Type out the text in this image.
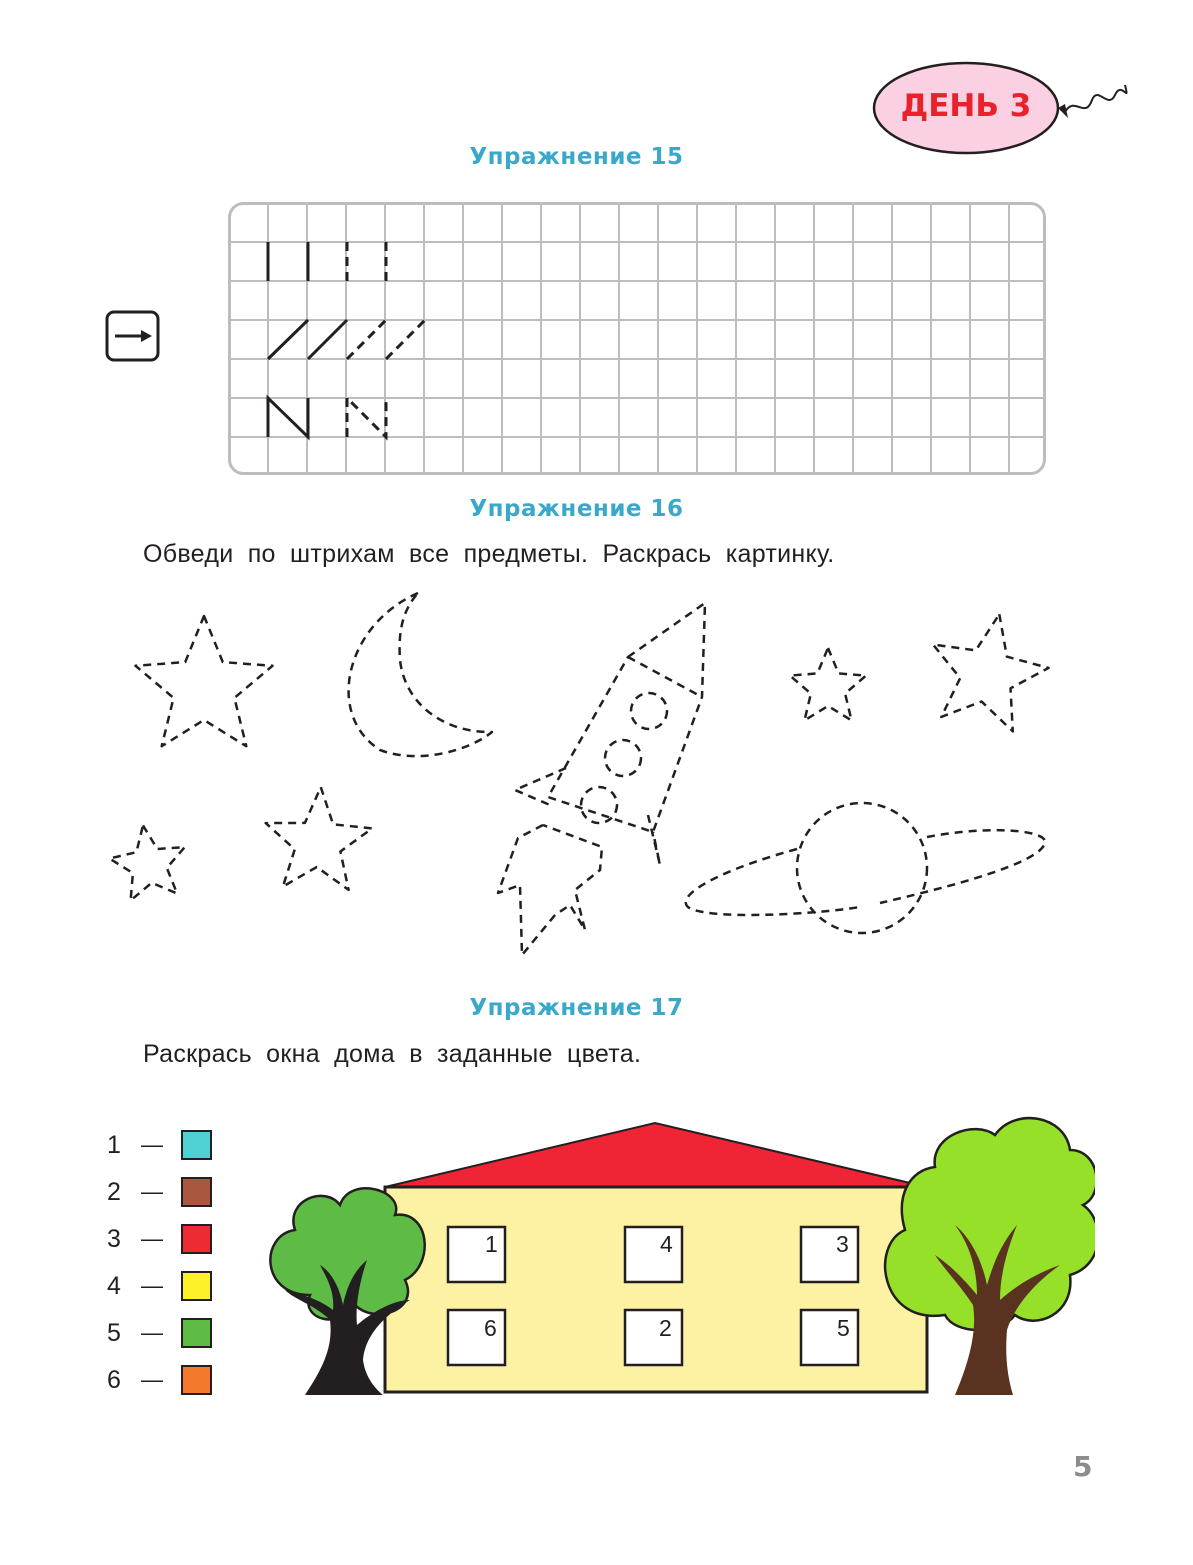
ДЕНЬ 3
Упражнение 15
Упражнение 16
Обведи по штрихам все предметы. Раскрась картинку.
Упражнение 17
Раскрась окна дома в заданные цвета.
1 —
2 —
3 —
4 —
5 —
6 —
1	4	3
6	2	5
5
